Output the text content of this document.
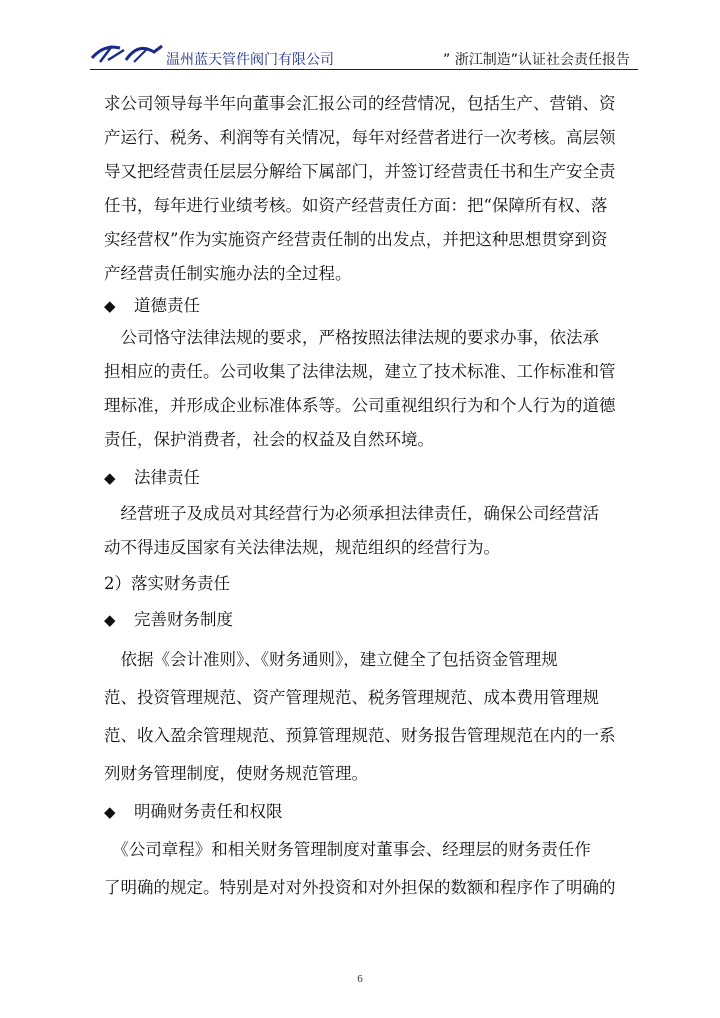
温州蓝天管件阀门有限公司	” 浙江制造”认证社会责任报告
求公司领导每半年向董事会汇报公司的经营情况，包括生产、营销、资
产运行、税务、利润等有关情况，每年对经营者进行一次考核。高层领
导又把经营责任层层分解给下属部门，并签订经营责任书和生产安全责
任书，每年进行业绩考核。如资产经营责任方面：把“保障所有权、落
实经营权”作为实施资产经营责任制的出发点，并把这种思想贯穿到资
产经营责任制实施办法的全过程。
◆ 道德责任
　公司恪守法律法规的要求，严格按照法律法规的要求办事，依法承
担相应的责任。公司收集了法律法规，建立了技术标准、工作标准和管
理标准，并形成企业标准体系等。公司重视组织行为和个人行为的道德
责任，保护消费者，社会的权益及自然环境。
◆ 法律责任
　经营班子及成员对其经营行为必须承担法律责任，确保公司经营活
动不得违反国家有关法律法规，规范组织的经营行为。
2）落实财务责任
◆ 完善财务制度
　依据《会计准则》、《财务通则》，建立健全了包括资金管理规
范、投资管理规范、资产管理规范、税务管理规范、成本费用管理规
范、收入盈余管理规范、预算管理规范、财务报告管理规范在内的一系
列财务管理制度，使财务规范管理。
◆ 明确财务责任和权限
　《公司章程》和相关财务管理制度对董事会、经理层的财务责任作
了明确的规定。特别是对对外投资和对外担保的数额和程序作了明确的
6
